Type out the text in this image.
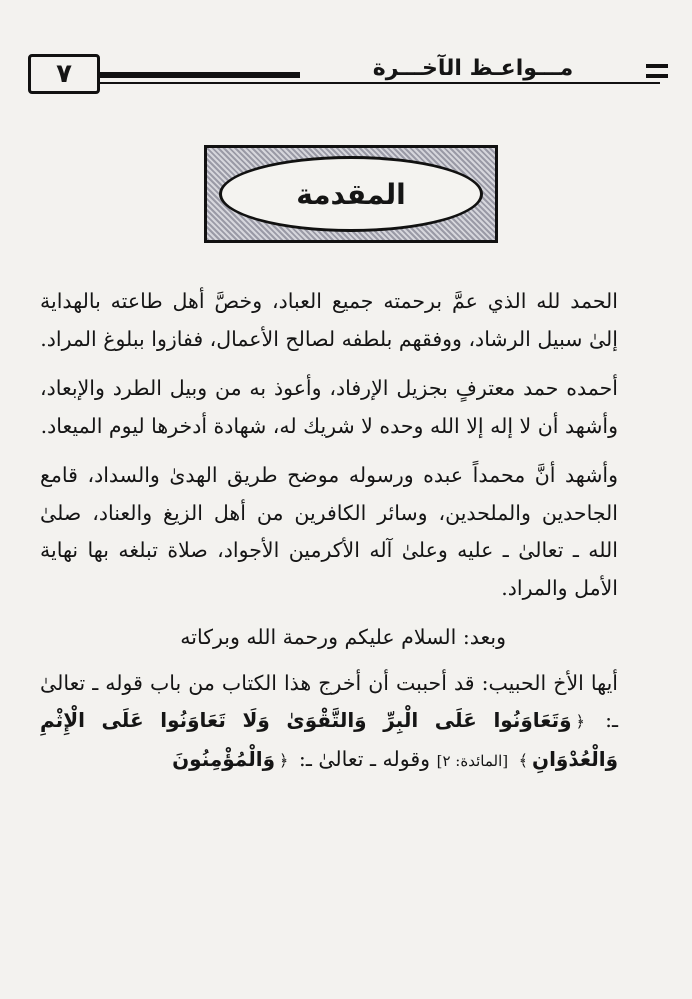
٧	مـــواعـظ الآخـــرة
المقدمة

الحمد لله الذي عمَّ برحمته جميع العباد، وخصَّ أهل طاعته بالهداية إلىٰ سبيل الرشاد، ووفقهم بلطفه لصالح الأعمال، ففازوا ببلوغ المراد.

أحمده حمد معترفٍ بجزيل الإرفاد، وأعوذ به من وبيل الطرد والإبعاد، وأشهد أن لا إله إلا الله وحده لا شريك له، شهادة أدخرها ليوم الميعاد.

وأشهد أنَّ محمداً عبده ورسوله موضح طريق الهدىٰ والسداد، قامع الجاحدين والملحدين، وسائر الكافرين من أهل الزيغ والعناد، صلىٰ الله ـ تعالىٰ ـ عليه وعلىٰ آله الأكرمين الأجواد، صلاة تبلغه بها نهاية الأمل والمراد.

وبعد: السلام عليكم ورحمة الله وبركاته

أيها الأخ الحبيب: قد أحببت أن أخرج هذا الكتاب من باب قوله ـ تعالىٰ ـ: ﴿وَتَعَاوَنُوا عَلَى الْبِرِّ وَالتَّقْوَىٰ وَلَا تَعَاوَنُوا عَلَى الْإِثْمِ وَالْعُدْوَانِ﴾ [المائدة: ٢] وقوله ـ تعالىٰ ـ: ﴿وَالْمُؤْمِنُونَ
